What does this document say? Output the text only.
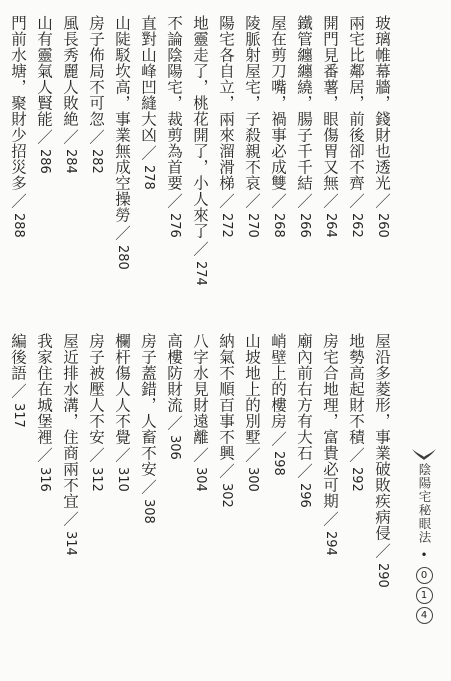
玻璃帷幕牆，錢財也透光／260

兩宅比鄰居，前後卻不齊／262

開門見番薯，眼傷胃又無／264

鐵管纏纏繞，腸子千千結／266

屋在剪刀嘴，禍事必成雙／268

陵脈射屋宅，子殺親不哀／270

陽宅各自立，兩來溜滑梯／272

地靈走了，桃花開了，小人來了／274

不論陰陽宅，裁剪為首要／276

直對山峰凹縫大凶／278

山陡駁坎高，事業無成空操勞／280

房子佈局不可忽／282

風長秀麗人敗絶／284

山有靈氣人賢能／286

門前水塘，聚財少招災多／288

屋沿多菱形，事業破敗疾病侵／290

地勢高起財不積／292

房宅合地理，富貴必可期／294

廟內前右方有大石／296

峭壁上的樓房／298

山坡地上的別墅／300

納氣不順百事不興／302

八字水見財遠離／304

高樓防財流／306

房子蓋錯，人畜不安／308

欄杆傷人人不覺／310

房子被壓人不安／312

屋近排水溝，住商兩不宜／314

我家住在城堡裡／316

編後語／317

陰陽宅秘眼法
•
0
1
4
